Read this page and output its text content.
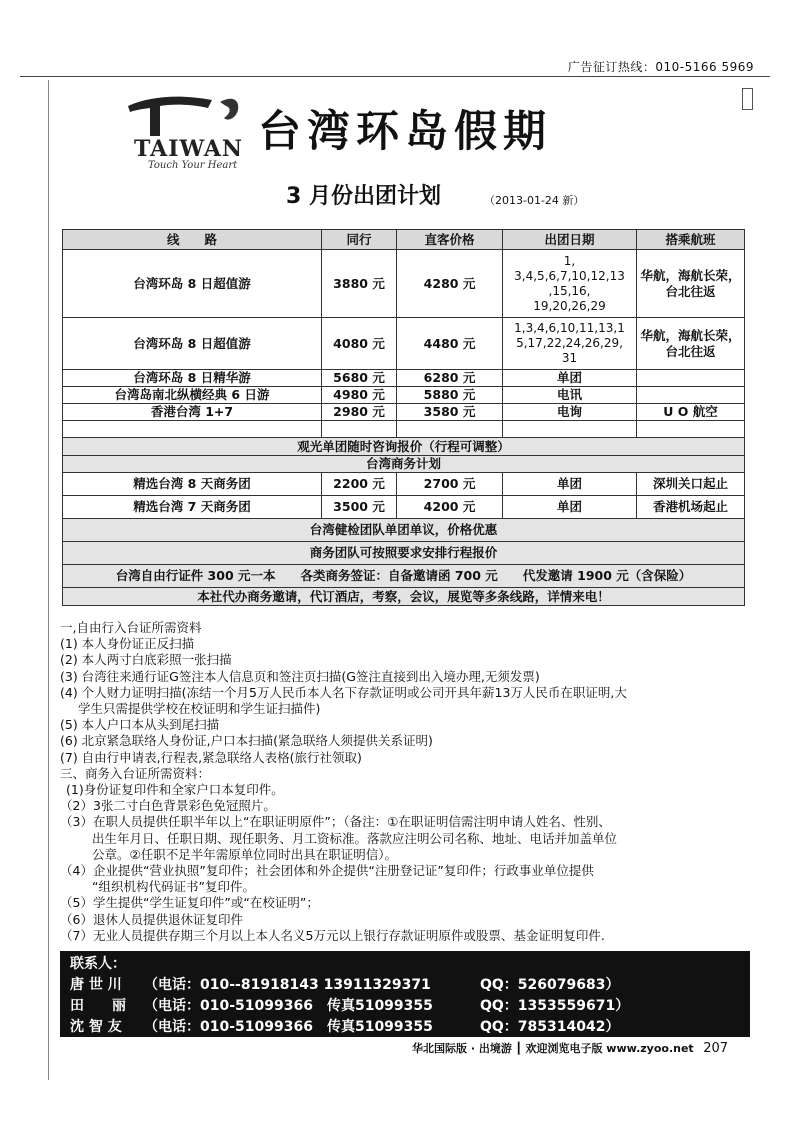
广告征订热线：010-5166 5969
TAIWAN
Touch Your Heart
台湾环岛假期
3 月份出团计划	（2013-01-24 新）
线　　路	同行	直客价格	出团日期	搭乘航班
台湾环岛 8 日超值游	3880 元	4280 元	1,
3,4,5,6,7,10,12,13
,15,16,
19,20,26,29	华航，海航长荣，台北往返
台湾环岛 8 日超值游	4080 元	4480 元	1,3,4,6,10,11,13,1
5,17,22,24,26,29,
31	华航，海航长荣，台北往返
台湾环岛 8 日精华游	5680 元	6280 元	单团	
台湾岛南北纵横经典 6 日游	4980 元	5880 元	电讯	
香港台湾 1+7	2980 元	3580 元	电询	U O 航空

观光单团随时咨询报价（行程可调整）				
台湾商务计划				
精选台湾 8 天商务团	2200 元	2700 元	单团	深圳关口起止
精选台湾 7 天商务团	3500 元	4200 元	单团	香港机场起止
台湾健检团队单团单议，价格优惠				
商务团队可按照要求安排行程报价				
台湾自由行证件 300 元一本　　各类商务签证：自备邀请函 700 元　　代发邀请 1900 元（含保险）				
本社代办商务邀请，代订酒店，考察，会议，展览等多条线路，详情来电！				

一,自由行入台证所需资料

(1) 本人身份证正反扫描

(2) 本人两寸白底彩照一张扫描

(3) 台湾往来通行证G签注本人信息页和签注页扫描(G签注直接到出入境办理,无须发票)

(4) 个人财力证明扫描(冻结一个月5万人民币本人名下存款证明或公司开具年薪13万人民币在职证明,大

学生只需提供学校在校证明和学生证扫描件)

(5) 本人户口本从头到尾扫描

(6) 北京紧急联络人身份证,户口本扫描(紧急联络人须提供关系证明)

(7) 自由行申请表,行程表,紧急联络人表格(旅行社领取)

三、商务入台证所需资料：

(1)身份证复印件和全家户口本复印件。

（2）3张二寸白色背景彩色免冠照片。

（3）在职人员提供任职半年以上“在职证明原件”；（备注：①在职证明信需注明申请人姓名、性别、

出生年月日、任职日期、现任职务、月工资标准。落款应注明公司名称、地址、电话并加盖单位

公章。②任职不足半年需原单位同时出具在职证明信）。

（4）企业提供“营业执照”复印件；社会团体和外企提供“注册登记证”复印件；行政事业单位提供

“组织机构代码证书”复印件。

（5）学生提供“学生证复印件”或“在校证明”；

（6）退休人员提供退休证复印件

（7）无业人员提供存期三个月以上本人名义5万元以上银行存款证明原件或股票、基金证明复印件.

联系人：
唐 世 川 （电话：010--81918143 13911329371	QQ：526079683）
田　　丽 （电话：010-51099366　传真51099355	QQ：1353559671）
沈 智 友 （电话：010-51099366　传真51099355	QQ：785314042）
华北国际版 · 出境游 ┃ 欢迎浏览电子版 www.zyoo.net 207
